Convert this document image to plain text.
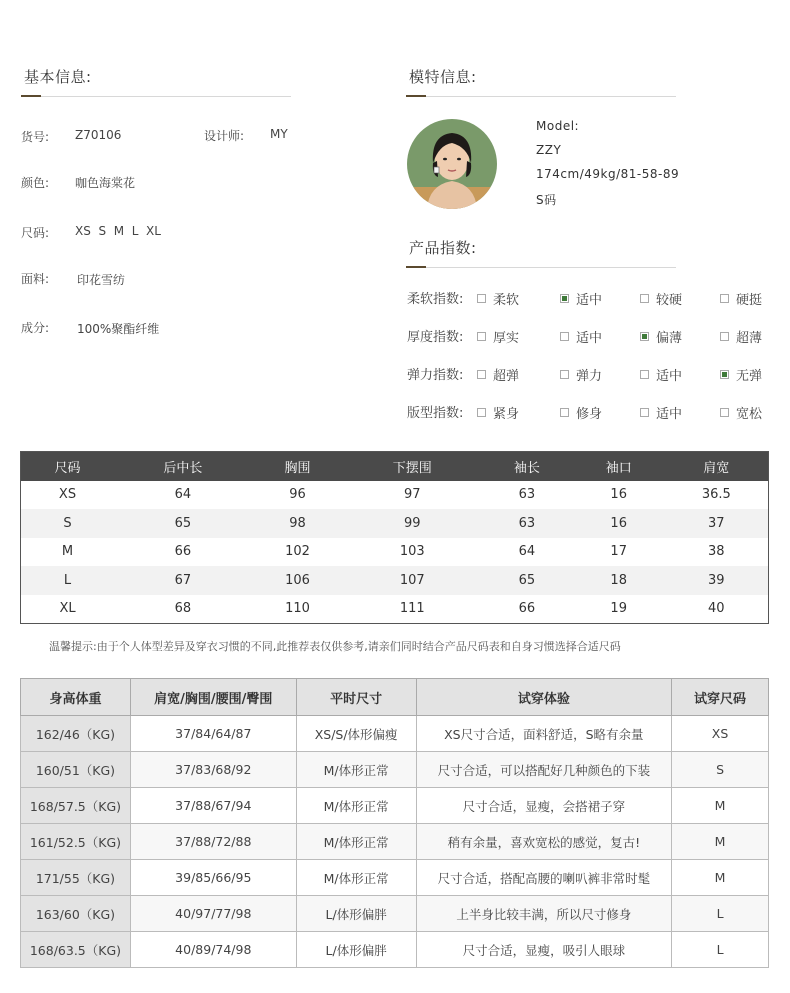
基本信息:
货号: Z70106	设计师: MY
颜色: 咖色海棠花
尺码: XS  S  M  L  XL
面料: 印花雪纺
成分: 100%聚酯纤维
模特信息:
Model:
ZZY
174cm/49kg/81-58-89
S码
产品指数:
柔软指数: 柔软	适中	较硬	硬挺
厚度指数: 厚实	适中	偏薄	超薄
弹力指数: 超弹	弹力	适中	无弹
版型指数: 紧身	修身	适中	宽松
尺码	后中长	胸围	下摆围	袖长	袖口	肩宽
XS	64	96	97	63	16	36.5
S	65	98	99	63	16	37
M	66	102	103	64	17	38
L	67	106	107	65	18	39
XL	68	110	111	66	19	40
温馨提示:由于个人体型差异及穿衣习惯的不同,此推荐表仅供参考,请亲们同时结合产品尺码表和自身习惯选择合适尺码
身高体重	肩宽/胸围/腰围/臀围	平时尺寸	试穿体验	试穿尺码
162/46（KG)	37/84/64/87	XS/S/体形偏瘦	XS尺寸合适，面料舒适，S略有余量	XS
160/51（KG)	37/83/68/92	M/体形正常	尺寸合适，可以搭配好几种颜色的下装	S
168/57.5（KG)	37/88/67/94	M/体形正常	尺寸合适，显瘦，会搭裙子穿	M
161/52.5（KG)	37/88/72/88	M/体形正常	稍有余量，喜欢宽松的感觉，复古!	M
171/55（KG)	39/85/66/95	M/体形正常	尺寸合适，搭配高腰的喇叭裤非常时髦	M
163/60（KG)	40/97/77/98	L/体形偏胖	上半身比较丰满，所以尺寸修身	L
168/63.5（KG)	40/89/74/98	L/体形偏胖	尺寸合适，显瘦，吸引人眼球	L
